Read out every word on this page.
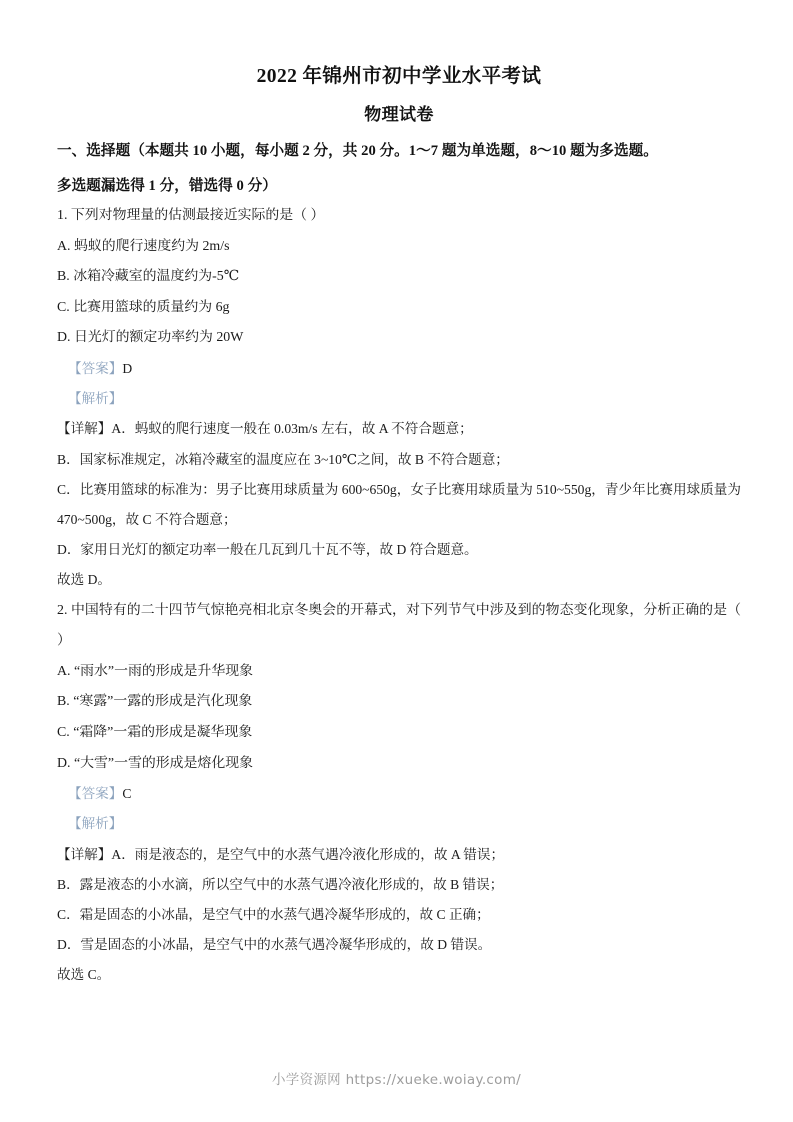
2022 年锦州市初中学业水平考试
物理试卷

一、选择题（本题共 10 小题，每小题 2 分，共 20 分。1～7 题为单选题，8～10 题为多选题。

多选题漏选得 1 分，错选得 0 分）

1. 下列对物理量的估测最接近实际的是（ ）

A. 蚂蚁的爬行速度约为 2m/s

B. 冰箱冷藏室的温度约为-5℃

C. 比赛用篮球的质量约为 6g

D. 日光灯的额定功率约为 20W

【答案】D

【解析】

【详解】A．蚂蚁的爬行速度一般在 0.03m/s 左右，故 A 不符合题意；

B．国家标准规定，冰箱冷藏室的温度应在 3~10℃之间，故 B 不符合题意；

C．比赛用篮球的标准为：男子比赛用球质量为 600~650g，女子比赛用球质量为 510~550g，青少年比赛用球质量为 470~500g，故 C 不符合题意；

D．家用日光灯的额定功率一般在几瓦到几十瓦不等，故 D 符合题意。

故选 D。

2. 中国特有的二十四节气惊艳亮相北京冬奥会的开幕式，对下列节气中涉及到的物态变化现象，分析正确的是（ ）

A. “雨水”一雨的形成是升华现象

B. “寒露”一露的形成是汽化现象

C. “霜降”一霜的形成是凝华现象

D. “大雪”一雪的形成是熔化现象

【答案】C

【解析】

【详解】A．雨是液态的，是空气中的水蒸气遇冷液化形成的，故 A 错误；

B．露是液态的小水滴，所以空气中的水蒸气遇冷液化形成的，故 B 错误；

C．霜是固态的小冰晶，是空气中的水蒸气遇冷凝华形成的，故 C 正确；

D．雪是固态的小冰晶，是空气中的水蒸气遇冷凝华形成的，故 D 错误。

故选 C。

小学资源网 https://xueke.woiay.com/
